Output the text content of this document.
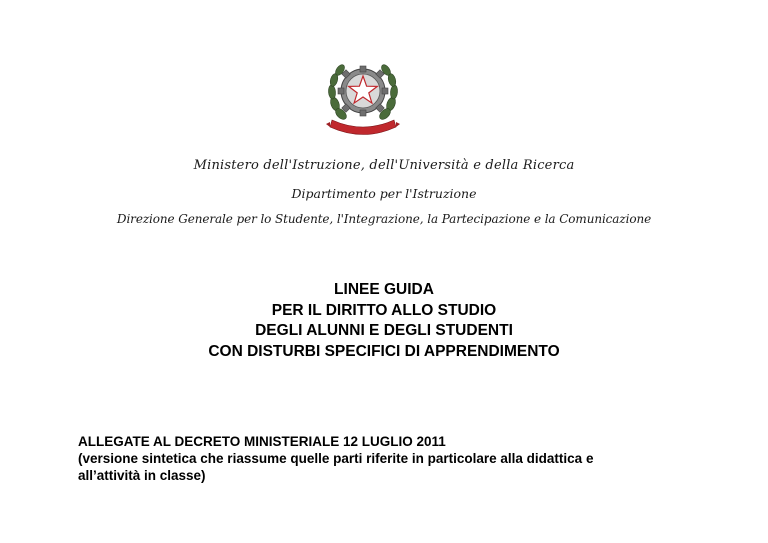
Ministero dell'Istruzione, dell'Università e della Ricerca
Dipartimento per l'Istruzione
Direzione Generale per lo Studente, l'Integrazione, la Partecipazione e la Comunicazione
LINEE GUIDA
PER IL DIRITTO ALLO STUDIO
DEGLI ALUNNI E DEGLI STUDENTI
CON DISTURBI SPECIFICI DI APPRENDIMENTO
ALLEGATE AL DECRETO MINISTERIALE 12 LUGLIO 2011
(versione sintetica che riassume quelle parti riferite in particolare alla didattica e
all’attività in classe)
